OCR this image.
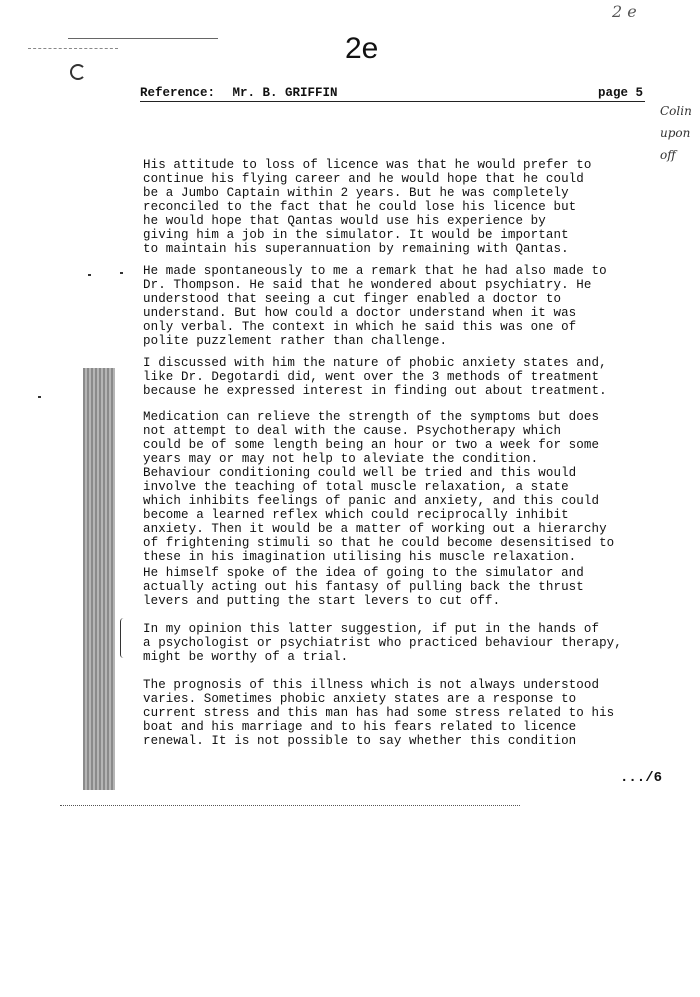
2 e
2e
Reference: Mr. B. GRIFFIN	page 5
Colin
upon
off

His attitude to loss of licence was that he would prefer to
continue his flying career and he would hope that he could
be a Jumbo Captain within 2 years. But he was completely
reconciled to the fact that he could lose his licence but
he would hope that Qantas would use his experience by
giving him a job in the simulator. It would be important
to maintain his superannuation by remaining with Qantas.

He made spontaneously to me a remark that he had also made to
Dr. Thompson. He said that he wondered about psychiatry. He
understood that seeing a cut finger enabled a doctor to
understand. But how could a doctor understand when it was
only verbal. The context in which he said this was one of
polite puzzlement rather than challenge.

I discussed with him the nature of phobic anxiety states and,
like Dr. Degotardi did, went over the 3 methods of treatment
because he expressed interest in finding out about treatment.

Medication can relieve the strength of the symptoms but does
not attempt to deal with the cause. Psychotherapy which
could be of some length being an hour or two a week for some
years may or may not help to aleviate the condition.
Behaviour conditioning could well be tried and this would
involve the teaching of total muscle relaxation, a state
which inhibits feelings of panic and anxiety, and this could
become a learned reflex which could reciprocally inhibit
anxiety. Then it would be a matter of working out a hierarchy
of frightening stimuli so that he could become desensitised to
these in his imagination utilising his muscle relaxation.

He himself spoke of the idea of going to the simulator and
actually acting out his fantasy of pulling back the thrust
levers and putting the start levers to cut off.

In my opinion this latter suggestion, if put in the hands of
a psychologist or psychiatrist who practiced behaviour therapy,
might be worthy of a trial.

The prognosis of this illness which is not always understood
varies. Sometimes phobic anxiety states are a response to
current stress and this man has had some stress related to his
boat and his marriage and to his fears related to licence
renewal. It is not possible to say whether this condition

.../6
